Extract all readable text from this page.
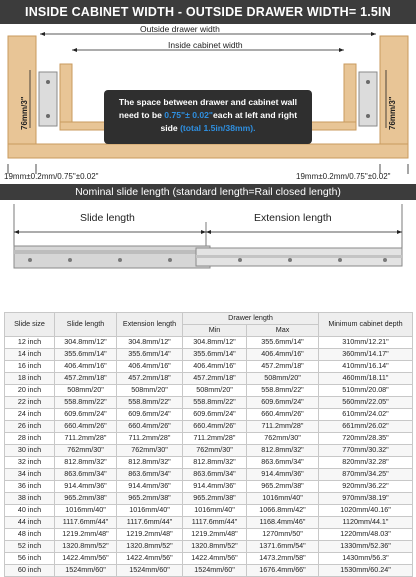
INSIDE CABINET WIDTH - OUTSIDE DRAWER WIDTH= 1.5IN
Outside drawer width
Inside cabinet width
76mm/3"	76mm/3"
19mm±0.2mm/0.75"±0.02"	19mm±0.2mm/0.75"±0.02"
The space between drawer and cabinet wall
need to be 0.75"± 0.02"each at left and right
side (total 1.5in/38mm).
Nominal slide length (standard length=Rail closed length)
Slide length	Extension length
Slide size	Slide length	Extension length	Drawer length		Minimum cabinet depth
			Min	Max	
12 inch	304.8mm/12"	304.8mm/12"	304.8mm/12"	355.6mm/14"	310mm/12.21"
14 inch	355.6mm/14"	355.6mm/14"	355.6mm/14"	406.4mm/16"	360mm/14.17"
16 inch	406.4mm/16"	406.4mm/16"	406.4mm/16"	457.2mm/18"	410mm/16.14"
18 inch	457.2mm/18"	457.2mm/18"	457.2mm/18"	508mm/20"	460mm/18.11"
20 inch	508mm/20"	508mm/20"	508mm/20"	558.8mm/22"	510mm/20.08"
22 inch	558.8mm/22"	558.8mm/22"	558.8mm/22"	609.6mm/24"	560mm/22.05"
24 inch	609.6mm/24"	609.6mm/24"	609.6mm/24"	660.4mm/26"	610mm/24.02"
26 inch	660.4mm/26"	660.4mm/26"	660.4mm/26"	711.2mm/28"	661mm/26.02"
28 inch	711.2mm/28"	711.2mm/28"	711.2mm/28"	762mm/30"	720mm/28.35"
30 inch	762mm/30"	762mm/30"	762mm/30"	812.8mm/32"	770mm/30.32"
32 inch	812.8mm/32"	812.8mm/32"	812.8mm/32"	863.6mm/34"	820mm/32.28"
34 inch	863.6mm/34"	863.6mm/34"	863.6mm/34"	914.4mm/36"	870mm/34.25"
36 inch	914.4mm/36"	914.4mm/36"	914.4mm/36"	965.2mm/38"	920mm/36.22"
38 inch	965.2mm/38"	965.2mm/38"	965.2mm/38"	1016mm/40"	970mm/38.19"
40 inch	1016mm/40"	1016mm/40"	1016mm/40"	1066.8mm/42"	1020mm/40.16"
44 inch	1117.6mm/44"	1117.6mm/44"	1117.6mm/44"	1168.4mm/46"	1120mm/44.1"
48 inch	1219.2mm/48"	1219.2mm/48"	1219.2mm/48"	1270mm/50"	1220mm/48.03"
52 inch	1320.8mm/52"	1320.8mm/52"	1320.8mm/52"	1371.6mm/54"	1330mm/52.36"
56 inch	1422.4mm/56"	1422.4mm/56"	1422.4mm/56"	1473.2mm/58"	1430mm/56.3"
60 inch	1524mm/60"	1524mm/60"	1524mm/60"	1676.4mm/66"	1530mm/60.24"
